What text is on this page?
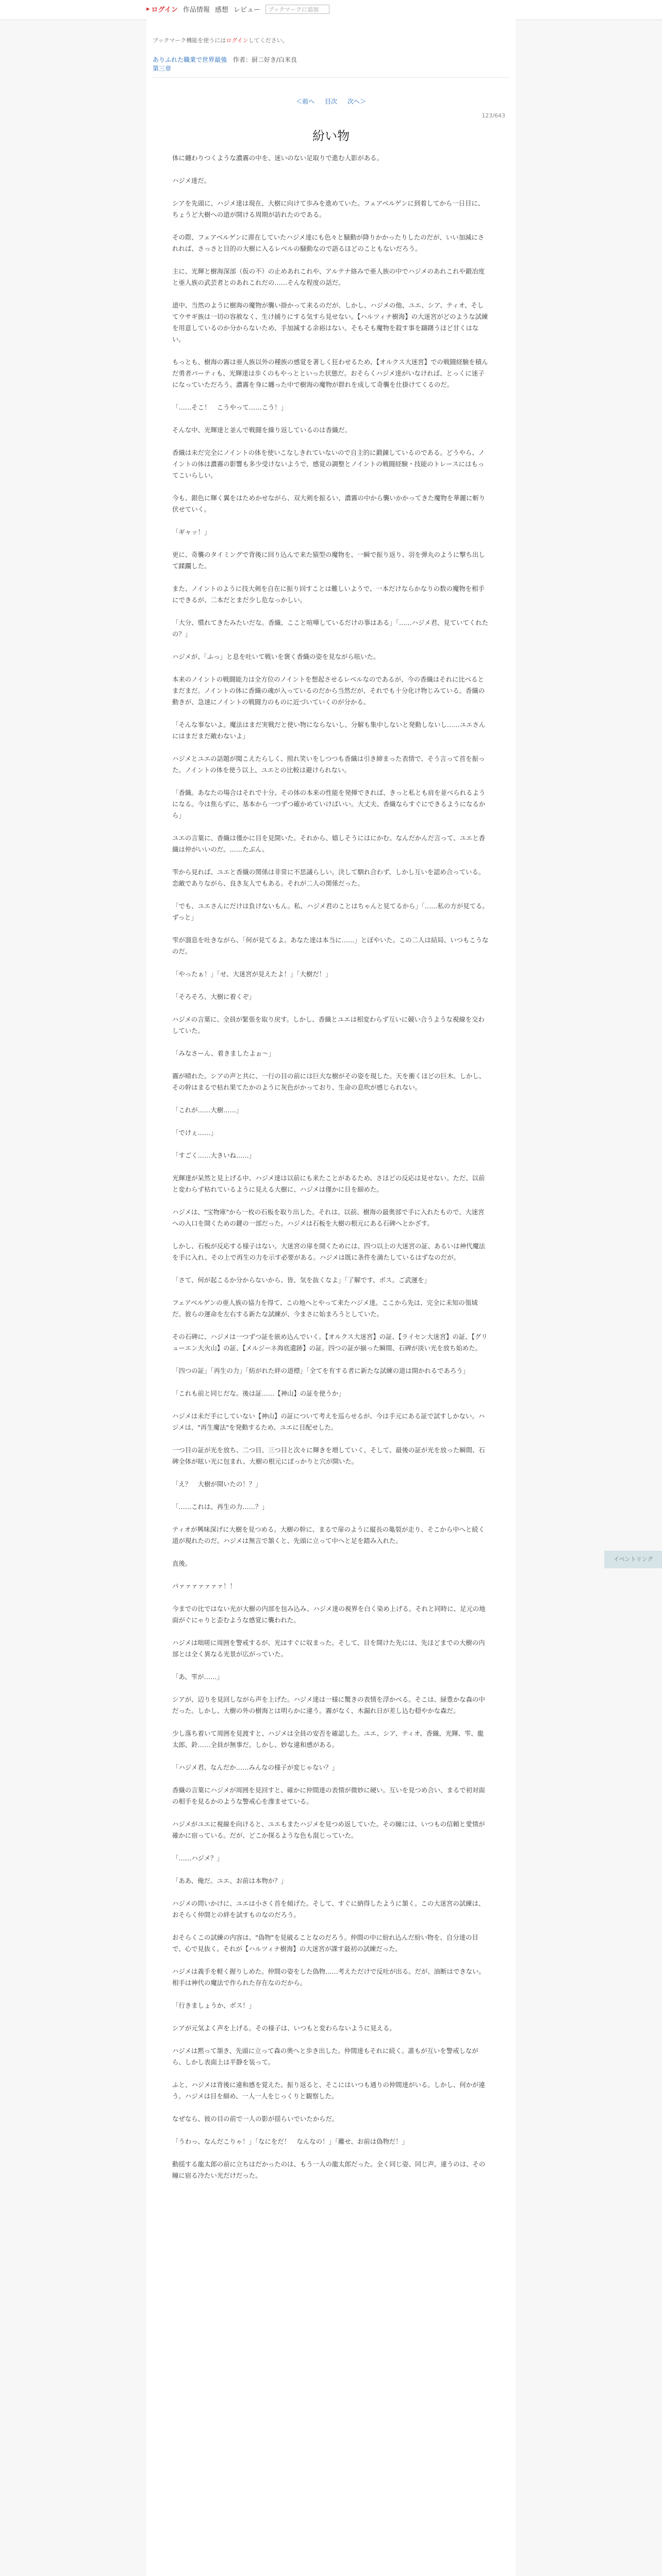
▸ ログイン 作品情報 感想 レビュー	ブックマークに追加
ブックマーク機能を使うにはログインしてください。
ありふれた職業で世界最強 作者：厨二好き/白米良
第三章
＜前へ 目次 次へ＞
123/643
紛い物

体に纏わりつくような濃霧の中を、迷いのない足取りで進む人影がある。

ハジメ達だ。

シアを先頭に、ハジメ達は現在、大樹に向けて歩みを進めていた。フェアベルゲンに到着してから一日目に、ちょうど大樹への道が開ける周期が訪れたのである。

その際、フェアベルゲンに滞在していたハジメ達にも色々と騒動が降りかかったりしたのだが、いい加減にされれば、さっさと目的の大樹に入るレベルの騒動なので語るほどのこともないだろう。

主に、光輝と樹海深部（仮の不）の止めあれこれや、アルテナ絡みで亜人族の中でハジメのあれこれや鍛冶度と亜人族の武芸者とのあれこれだの……そんな程度の話だ。

道中、当然のように樹海の魔物が襲い掛かって来るのだが、しかし、ハジメの他、ユエ、シア、ティオ、そしてウサギ族は一切の容赦なく、生け捕りにする気すら見せない。【ハルツィナ樹海】の大迷宮がどのような試練を用意しているのか分からないため、手加減する余裕はない。そもそも魔物を殺す事を躊躇うほど甘くはない。

もっとも、樹海の霧は亜人族以外の種族の感覚を著しく狂わせるため、【オルクス大迷宮】での戦闘経験を積んだ勇者パーティも、光輝達は歩くのもやっとといった状態だ。おそらくハジメ達がいなければ、とっくに迷子になっていただろう。濃霧を身に纏った中で樹海の魔物が群れを成して奇襲を仕掛けてくるのだ。

「……そこ！　こうやって……こう！」

そんな中、光輝達と並んで戦闘を繰り返しているのは香織だ。

香織は未だ完全にノイントの体を使いこなしきれていないので自主的に鍛錬しているのである。どうやら、ノイントの体は濃霧の影響も多少受けないようで、感覚の調整とノイントの戦闘経験・技能のトレースにはもってこいらしい。

今も、銀色に輝く翼をはためかせながら、双大剣を振るい、濃霧の中から襲いかかってきた魔物を華麗に斬り伏せていく。

「ギャッ！」

更に、奇襲のタイミングで背後に回り込んで来た猿型の魔物を、一瞬で振り返り、羽を弾丸のように撃ち出して蹂躙した。

また、ノイントのように技大剣を自在に振り回すことは難しいようで、一本だけならかなりの数の魔物を相手にできるが、二本だとまだ少し危なっかしい。

「大分、慣れてきたみたいだな。香織、ここと喧嘩しているだけの事はある」「……ハジメ君、見ていてくれたの？」

ハジメが、「ふっ」と息を吐いて戦いを褒く香織の姿を見ながら呟いた。

本来のノイントの戦闘能力は全方位のノイントを想起させるレベルなのであるが、今の香織はそれに比べるとまだまだ。ノイントの体に香織の魂が入っているのだから当然だが、それでも十分化け物じみている。香織の動きが、急速にノイントの戦闘力のものに近づいていくのが分かる。

「そんな事ないよ。魔法はまだ実戦だと使い物にならないし、分解も集中しないと発動しないし……ユエさんにはまだまだ敵わないよ」

ハジメとユエの話題が聞こえたらしく、照れ笑いをしつつも香織は引き締まった表情で、そう言って首を振った。ノイントの体を使う以上、ユエとの比較は避けられない。

「香織。あなたの場合はそれで十分。その体の本来の性能を発揮できれば、きっと私とも肩を並べられるようになる。今は焦らずに、基本から一つずつ確かめていけばいい。大丈夫、香織ならすぐにできるようになるから」

ユエの言葉に、香織は僅かに目を見開いた。それから、嬉しそうにはにかむ。なんだかんだ言って、ユエと香織は仲がいいのだ。……たぶん。

雫から見れば、ユエと香織の関係は非常に不思議らしい。決して馴れ合わず、しかし互いを認め合っている。恋敵でありながら、良き友人でもある。それが二人の関係だった。

「でも、ユエさんにだけは負けないもん。私、ハジメ君のことはちゃんと見てるから」「……私の方が見てる。ずっと」

雫が溜息を吐きながら、「何が見てるよ。あなた達は本当に……」とぼやいた。この二人は結局、いつもこうなのだ。

「やったぁ！」「せ、大迷宮が見えたよ！」「大樹だ！」

「そろそろ、大樹に着くぞ」

ハジメの言葉に、全員が緊張を取り戻す。しかし、香織とユエは相変わらず互いに競い合うような視線を交わしていた。

「みなさーん、着きましたよぉ～」

霧が晴れた。シアの声と共に、一行の目の前には巨大な樹がその姿を現した。天を衝くほどの巨木。しかし、その幹はまるで枯れ果てたかのように灰色がかっており、生命の息吹が感じられない。

「これが……大樹……」

「でけぇ……」

「すごく……大きいね……」

光輝達が呆然と見上げる中、ハジメ達は以前にも来たことがあるため、さほどの反応は見せない。ただ、以前と変わらず枯れているように見える大樹に、ハジメは僅かに目を細めた。

ハジメは、"宝物庫"から一枚の石板を取り出した。それは、以前、樹海の最奥部で手に入れたもので、大迷宮への入口を開くための鍵の一部だった。ハジメは石板を大樹の根元にある石碑へとかざす。

しかし、石板が反応する様子はない。大迷宮の扉を開くためには、四つ以上の大迷宮の証、あるいは神代魔法を手に入れ、その上で再生の力を示す必要がある。ハジメは既に条件を満たしているはずなのだが。

「さて、何が起こるか分からないから、皆、気を抜くなよ」「了解です、ボス。ご武運を」

フェアベルゲンの亜人族の協力を得て、この地へとやって来たハジメ達。ここから先は、完全に未知の領域だ。彼らの運命を左右する新たな試練が、今まさに始まろうとしていた。

その石碑に、ハジメは一つずつ証を嵌め込んでいく。【オルクス大迷宮】の証、【ライセン大迷宮】の証、【グリューエン大火山】の証、【メルジーネ海底遺跡】の証。四つの証が揃った瞬間、石碑が淡い光を放ち始めた。

「四つの証」「再生の力」「紡がれた絆の道標」「全てを有する者に新たな試練の道は開かれるであろう」

「これも前と同じだな。後は証……【神山】の証を使うか」

ハジメは未だ手にしていない【神山】の証について考えを巡らせるが、今は手元にある証で試すしかない。ハジメは、"再生魔法"を発動するため、ユエに目配せした。

一つ目の証が光を放ち、二つ目、三つ目と次々に輝きを増していく。そして、最後の証が光を放った瞬間、石碑全体が眩い光に包まれ、大樹の根元にぽっかりと穴が開いた。

「え？　大樹が開いたの！？」

「……これは、再生の力……？」

ティオが興味深げに大樹を見つめる。大樹の幹に、まるで扉のように縦長の亀裂が走り、そこから中へと続く道が現れたのだ。ハジメは無言で頷くと、先頭に立って中へと足を踏み入れた。

直後。

パァァァァァァァ！！

今までの比ではない光が大樹の内部を包み込み、ハジメ達の視界を白く染め上げる。それと同時に、足元の地面がぐにゃりと歪むような感覚に襲われた。

ハジメは咄嗟に周囲を警戒するが、光はすぐに収まった。そして、目を開けた先には、先ほどまでの大樹の内部とは全く異なる光景が広がっていた。

「あ、雫が……」

シアが、辺りを見回しながら声を上げた。ハジメ達は一様に驚きの表情を浮かべる。そこは、緑豊かな森の中だった。しかし、大樹の外の樹海とは明らかに違う。霧がなく、木漏れ日が差し込む穏やかな森だ。

少し落ち着いて周囲を見渡すと、ハジメは全員の安否を確認した。ユエ、シア、ティオ、香織、光輝、雫、龍太郎、鈴……全員が無事だ。しかし、妙な違和感がある。

「ハジメ君、なんだか……みんなの様子が変じゃない？」

香織の言葉にハジメが周囲を見回すと、確かに仲間達の表情が微妙に硬い。互いを見つめ合い、まるで初対面の相手を見るかのような警戒心を滲ませている。

ハジメがユエに視線を向けると、ユエもまたハジメを見つめ返していた。その瞳には、いつもの信頼と愛情が確かに宿っている。だが、どこか探るような色も混じっていた。

「……ハジメ？」

「ああ、俺だ。ユエ、お前は本物か？」

ハジメの問いかけに、ユエは小さく首を傾げた。そして、すぐに納得したように頷く。この大迷宮の試練は、おそらく仲間との絆を試すものなのだろう。

おそらくこの試練の内容は、"偽物"を見破ることなのだろう。仲間の中に紛れ込んだ紛い物を、自分達の目で、心で見抜く。それが【ハルツィナ樹海】の大迷宮が課す最初の試練だった。

ハジメは義手を軽く握りしめた。仲間の姿をした偽物……考えただけで反吐が出る。だが、油断はできない。相手は神代の魔法で作られた存在なのだから。

「行きましょうか、ボス！」

シアが元気よく声を上げる。その様子は、いつもと変わらないように見える。

ハジメは黙って頷き、先頭に立って森の奥へと歩き出した。仲間達もそれに続く。誰もが互いを警戒しながら、しかし表面上は平静を装って。

ふと、ハジメは背後に違和感を覚えた。振り返ると、そこにはいつも通りの仲間達がいる。しかし、何かが違う。ハジメは目を細め、一人一人をじっくりと観察した。

なぜなら、彼の目の前で一人の影が揺らいでいたからだ。

「うわっ、なんだこりゃ！」「なにをだ！　なんなの！」「離せ、お前は偽物だ！」

動揺する龍太郎の前に立ちはだかったのは、もう一人の龍太郎だった。全く同じ姿、同じ声。違うのは、その瞳に宿る冷たい光だけだった。

イベントリング
